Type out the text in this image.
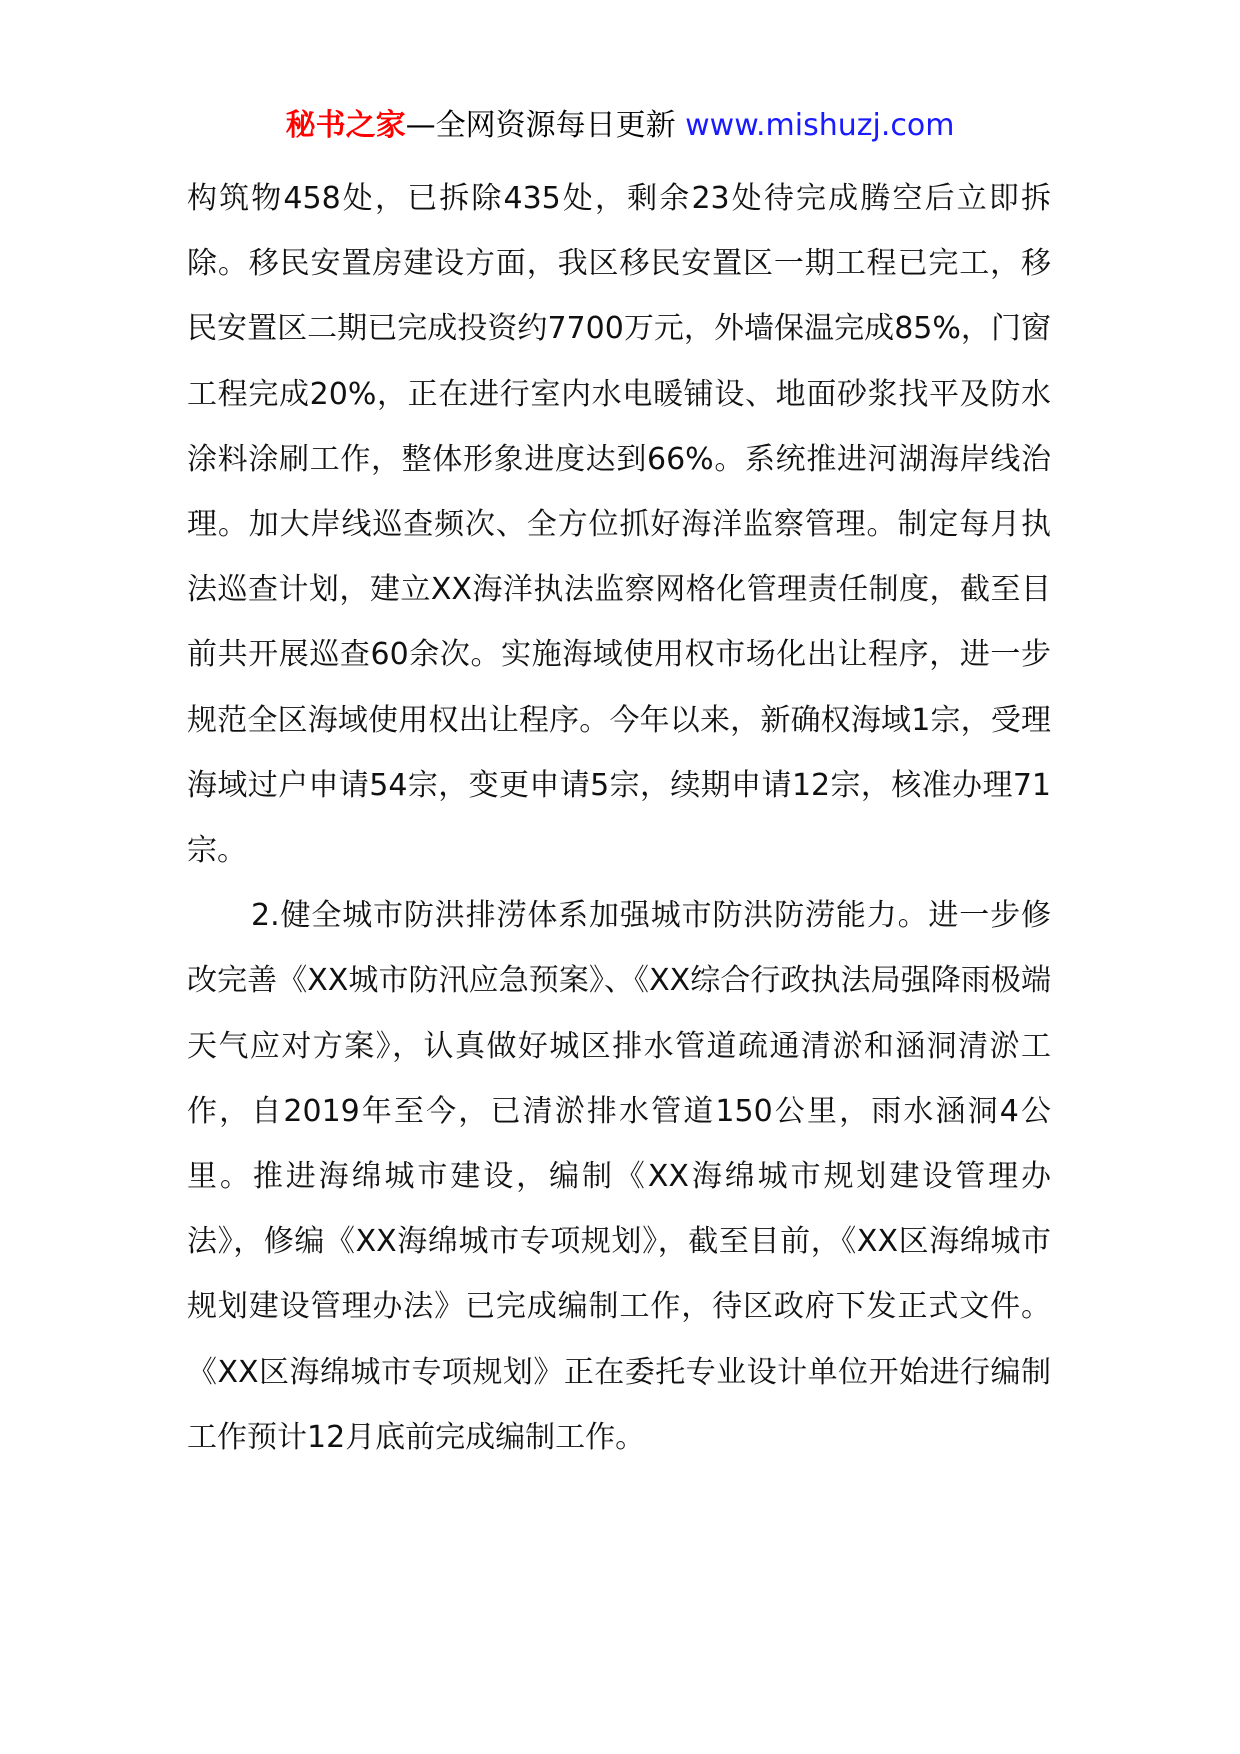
秘书之家—全网资源每日更新 www.mishuzj.com

构筑物458处，已拆除435处，剩余23处待完成腾空后立即拆除。移民安置房建设方面，我区移民安置区一期工程已完工，移民安置区二期已完成投资约7700万元，外墙保温完成85%，门窗工程完成20%，正在进行室内水电暖铺设、地面砂浆找平及防水涂料涂刷工作，整体形象进度达到66%。系统推进河湖海岸线治理。加大岸线巡查频次、全方位抓好海洋监察管理。制定每月执法巡查计划，建立XX海洋执法监察网格化管理责任制度，截至目前共开展巡查60余次。实施海域使用权市场化出让程序，进一步规范全区海域使用权出让程序。今年以来，新确权海域1宗，受理海域过户申请54宗，变更申请5宗，续期申请12宗，核准办理71宗。

2.健全城市防洪排涝体系加强城市防洪防涝能力。进一步修改完善《XX城市防汛应急预案》、《XX综合行政执法局强降雨极端天气应对方案》，认真做好城区排水管道疏通清淤和涵洞清淤工作，自2019年至今，已清淤排水管道150公里，雨水涵洞4公里。推进海绵城市建设，编制《XX海绵城市规划建设管理办法》，修编《XX海绵城市专项规划》，截至目前，《XX区海绵城市规划建设管理办法》已完成编制工作，待区政府下发正式文件。《XX区海绵城市专项规划》正在委托专业设计单位开始进行编制工作预计12月底前完成编制工作。
